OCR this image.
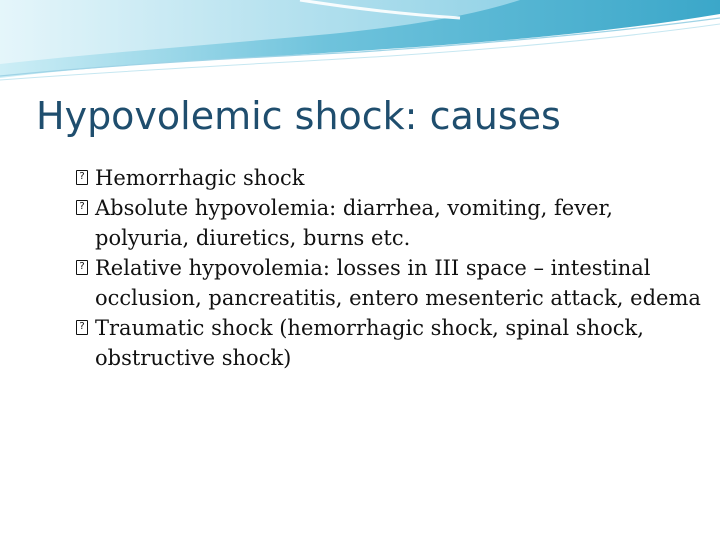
Hypovolemic shock: causes
?
Hemorrhagic shock
?
Absolute hypovolemia: diarrhea, vomiting, fever, polyuria, diuretics, burns etc.
?
Relative hypovolemia: losses in III space – intestinal occlusion, pancreatitis, entero mesenteric attack, edema
?
Traumatic shock (hemorrhagic shock, spinal shock, obstructive shock)
